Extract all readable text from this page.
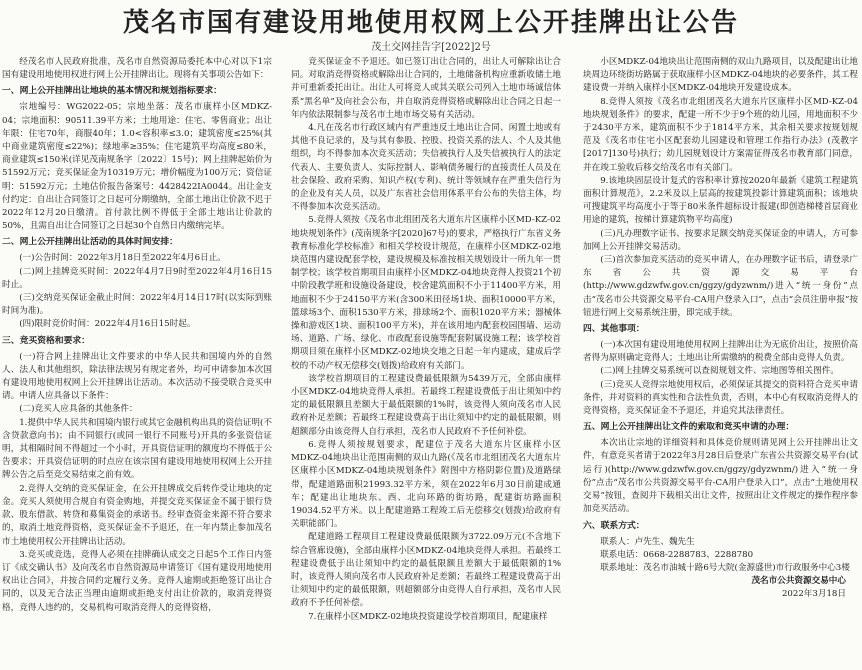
茂名市国有建设用地使用权网上公开挂牌出让公告
茂土交网挂告字[2022]2号

经茂名市人民政府批准，茂名市自然资源局委托本中心对以下1宗国有建设用地使用权进行网上公开挂牌出让。现将有关事项公告如下：

一、网上公开挂牌出让地块的基本情况和规划指标要求：

宗地编号：WG2022-05；宗地坐落：茂名市康样小区MDKZ-04；宗地面积：90511.39平方米；土地用途：住宅、零售商业；出让年限：住宅70年，商服40年；1.0<容积率≤3.0；建筑密度≤25%(其中商业建筑密度≤22%)；绿地率≥35%；住宅建筑平均高度≤80米，商业建筑≤150米(详见茂南规条字〔2022〕15号)；网上挂牌起始价为51592万元；竞买保证金为10319万元；增价幅度为100万元；资信证明：51592万元；土地估价报告备案号：4428422IA0044。出让金支付约定：自出让合同签订之日起可分期缴纳，全部土地出让价款不迟于2022年12月20日缴清。首付款比例不得低于全部土地出让价款的50%，且需自出让合同签订之日起30个自然日内缴纳完毕。

二、网上公开挂牌出让活动的具体时间安排：

(一)公告时间：2022年3月18日至2022年4月6日止。

(二)网上挂牌竞买时间：2022年4月7日9时至2022年4月16日15时止。

(三)交纳竞买保证金截止时间：2022年4月14日17时(以实际到账时间为准)。

(四)限时竞价时间：2022年4月16日15时起。

三、竞买资格和要求：

(一)符合网上挂牌出让文件要求的中华人民共和国境内外的自然人、法人和其他组织，除法律法规另有规定者外，均可申请参加本次国有建设用地使用权网上公开挂牌出让活动。本次活动不接受联合竞买申请。申请人应具备以下条件：

(二)竞买人应具备的其他条件：

1.提供中华人民共和国境内银行或其它金融机构出具的资信证明(不含贷款意向书)；由不同银行(或同一银行不同账号)开具的多张资信证明，其相隔时间不得超过一个小时，开具资信证明的额度均不得低于公告要求；开具资信证明的时点应在该宗国有建设用地使用权网上公开挂牌公告之后至竞交易结束之前有效。

2.竞得人交纳的竞买保证金，在公开挂牌成交后转作受让地块的定金。竞买人须使用合规自有资金购地，并提交竞买保证金不属于银行贷款、股东借款、转贷和募集资金的承诺书。经审查资金来源不符合要求的，取消土地竞得资格，竞买保证金不予退还，在一年内禁止参加茂名市土地使用权公开挂牌出让活动。

3.竞买或竞选，竞得人必须在挂牌确认成交之日起5个工作日内签订《成交确认书》及向茂名市自然资源局申请签订《国有建设用地使用权出让合同》，并按合同约定履行义务。竞得人逾期或拒绝签订出让合同的，以及无合法正当理由逾期或拒绝支付出让价款的，取消竞得资格，竞得人违约的，交易机构可取消竞得人的竞得资格，

竞买保证金不予退还。如已签订出让合同的，出让人可解除出让合同。对取消竞得资格或解除出让合同的，土地储备机构应重新收储土地并可重新委托出让。出让人可将竞人或其关联公司列入土地市场诚信体系“黑名单”及向社会公布，并自取消竞得资格或解除出让合同之日起一年内依法限制参与茂名市土地市场交易有关活动。

4.凡在茂名市行政区域内有严重违反土地出让合同、闲置土地或有其他不良记录的，及与其有参股、控股、投资关系的法人、个人及其他组织，均不得参加本次竞买活动；失信被执行人及失信被执行人的法定代表人、主要负责人、实际控制人、影响债务履行的直接责任人员及在社会保险、政府采购、知识产权(专利)、统计等领域存在严重失信行为的企业及有关人员，以及广东省社会信用体系平台公布的失信主体，均不得参加本次竞买活动。

5.竞得人须按《茂名市北组团茂名大道东片区康样小区MD-KZ-02地块规划条件》(茂南规条字[2020]67号)的要求，严格执行广东省义务教育标准化学校标准》和相关学校设计规范，在康样小区MDKZ-02地块范围内建设配套学校，建设规模及标准按相关规划设计一所九年一贯制学校；该学校首期项目由康样小区MDKZ-04地块竞得人投资21个初中阶段教学班和设施设备建设，校舍建筑面积不小于11400平方米，用地面积不少于24150平方米(含300米田径场1块、面积10000平方米，篮球场3个、面积1530平方米，排球场2个、面积1020平方米；器械体操和游戏区1块、面积100平方米)，并在该用地内配套校园围墙、运动场、道路、广场、绿化、市政配套设施等配套附属设施工程；该学校首期项目须在康样小区MDKZ-02地块交地之日起一年内建成，建成后学校的不动产权无偿移交(划拨)给政府有关部门。

该学校首期项目的工程建设费最低限额为5439万元，全部由康样小区MDKZ-04地块竞得人承担。若最终工程建设费低于出让须知中约定的最低限额且差额大于最低限额的1%时，该竞得人须向茂名市人民政府补足差额；若最终工程建设费高于出让须知中约定的最低限额，则超额部分由该竞得人自行承担，茂名市人民政府不予任何补偿。

6.竞得人须按规划要求，配建位于茂名大道东片区康样小区MDKZ-04地块出让范围南侧的双山九路(《茂名市北组团茂名大道东片区康样小区MDKZ-04地块规划条件》附图中方格阴影位置)及道路绿带，配建道路面积21993.32平方米，须在2022年6月30日前建成通车；配建出让地块东、西、北向环路的街坊路，配建街坊路面积19034.52平方米。以上配建道路工程竣工后无偿移交(划拨)给政府有关职能部门。

配建道路工程项目工程建设费最低限额为3722.09万元(不含地下综合管廊设施)，全部由康样小区MDKZ-04地块竞得人承担。若最终工程建设费低于出让须知中约定的最低限额且差额大于最低限额的1%时，该竞得人须向茂名市人民政府补足差额；若最终工程建设费高于出让须知中约定的最低限额，则超额部分由竞得人自行承担，茂名市人民政府不予任何补偿。

7.在康样小区MDKZ-02地块投资建设学校首期项目，配建康样

小区MDKZ-04地块出让范围南侧的双山九路项目，以及配建出让地块周边环绕街坊路属于获取康样小区MDKZ-04地块的必要条件，其工程建设费一并纳入康样小区MDKZ-04地块开发建设成本。

8.竞得人须按《茂名市北组团茂名大道东片区康样小区MD-KZ-04地块规划条件》的要求，配建一所不少于9个班的幼儿园，用地面积不少于2430平方米，建筑面积不少于1814平方米，其余相关要求按规划规范及《茂名市住宅小区配套幼儿园建设和管理工作指行办法》(茂教字[2017]130号)执行；幼儿园规划设计方案需征得茂名市教育部门同意，并在竣工验收后移交给茂名市有关部门。

9.该地块固层设计复式的容积率计算按2020年最新《建筑工程建筑面积计算规范》，2.2米及以上层高的按建筑投影计算建筑面积；该地块可搜建筑平均高度小于等于80米条件超标设计报建(即创造梯楼首层商业用途的建筑，按梯计算建筑物平均高度)

(三)凡办理数字证书、按要求足额交纳竞买保证金的申请人，方可参加网上公开挂牌交易活动。

(三)首次参加竞买活动的竞买申请人，在办理数字证书后，请登录广东省公共资源交易平台(http://www.gdzwfw.gov.cn/ggzy/gdyzwnm/)进入“统一身份”点击“茂名市公共资源交易平台-CA用户登录入口”，点击“会员注册申报”按钮进行网上交易系统注册，即完成手续。

四、其他事项：

(一)本次国有建设用地使用权网上挂牌出让为无底价出让，按照价高者得为原则确定竞得人；土地出让所需缴纳的税费全部由竞得人负责。

(二)网上挂牌交易系统可以查阅规划文件、宗地图等相关图件。

(三)竞买人竞得宗地使用权后，必须保证其提交的资料符合竞买申请条件，并对资料的真实性和合法性负责，否则，本中心有权取消竞得人的竞得资格，竞买保证金不予退还，并追究其法律责任。

五、网上公开挂牌出让文件的索取和竞买申请的办理：

本次出让宗地的详细资料和具体竞价规则请见网上公开挂牌出让文件，有意竞买者请于2022年3月28日后登录广东省公共资源交易平台(试运行)(http://www.gdzwfw.gov.cn/ggzy/gdyzwnm/)进入“统一身份”点击“茂名市公共资源交易平台-CA用户登录入口”，点击“土地使用权交易”按钮，查阅并下载相关出让文件，按照出让文件规定的操作程序参加竞买活动。

六、联系方式：

联系人：卢先生、魏先生

联系电话：0668-2288783、2288780

联系地址：茂名市油城十路6号大院(金源盛世)市行政服务中心3楼

茂名市公共资源交易中心

2022年3月18日
